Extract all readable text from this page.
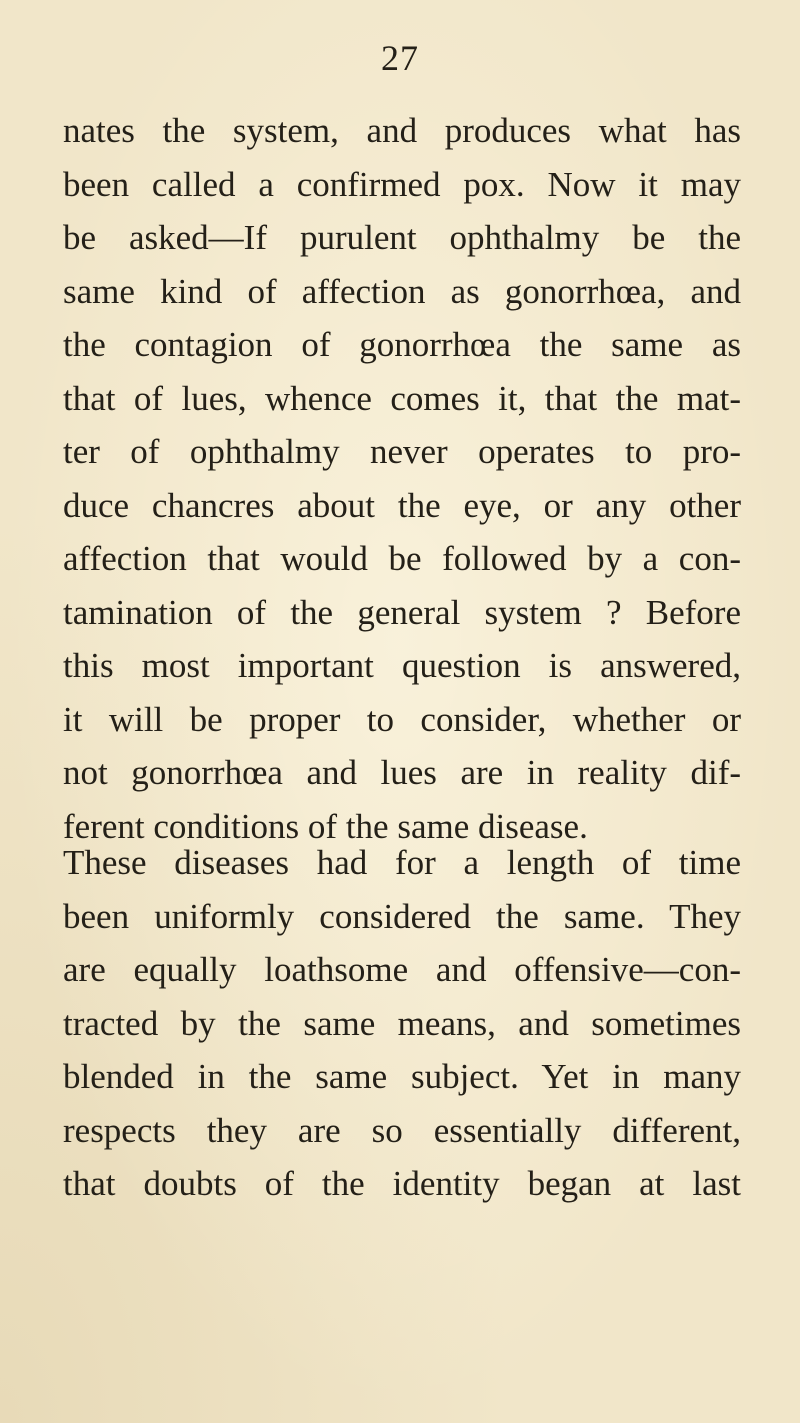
27
nates the system, and produces what has
been called a confirmed pox. Now it may
be asked—If purulent ophthalmy be the
same kind of affection as gonorrhœa, and
the contagion of gonorrhœa the same as
that of lues, whence comes it, that the mat-
ter of ophthalmy never operates to pro-
duce chancres about the eye, or any other
affection that would be followed by a con-
tamination of the general system ? Before
this most important question is answered,
it will be proper to consider, whether or
not gonorrhœa and lues are in reality dif-
ferent conditions of the same disease.
These diseases had for a length of time
been uniformly considered the same. They
are equally loathsome and offensive—con-
tracted by the same means, and sometimes
blended in the same subject. Yet in many
respects they are so essentially different,
that doubts of the identity began at last
